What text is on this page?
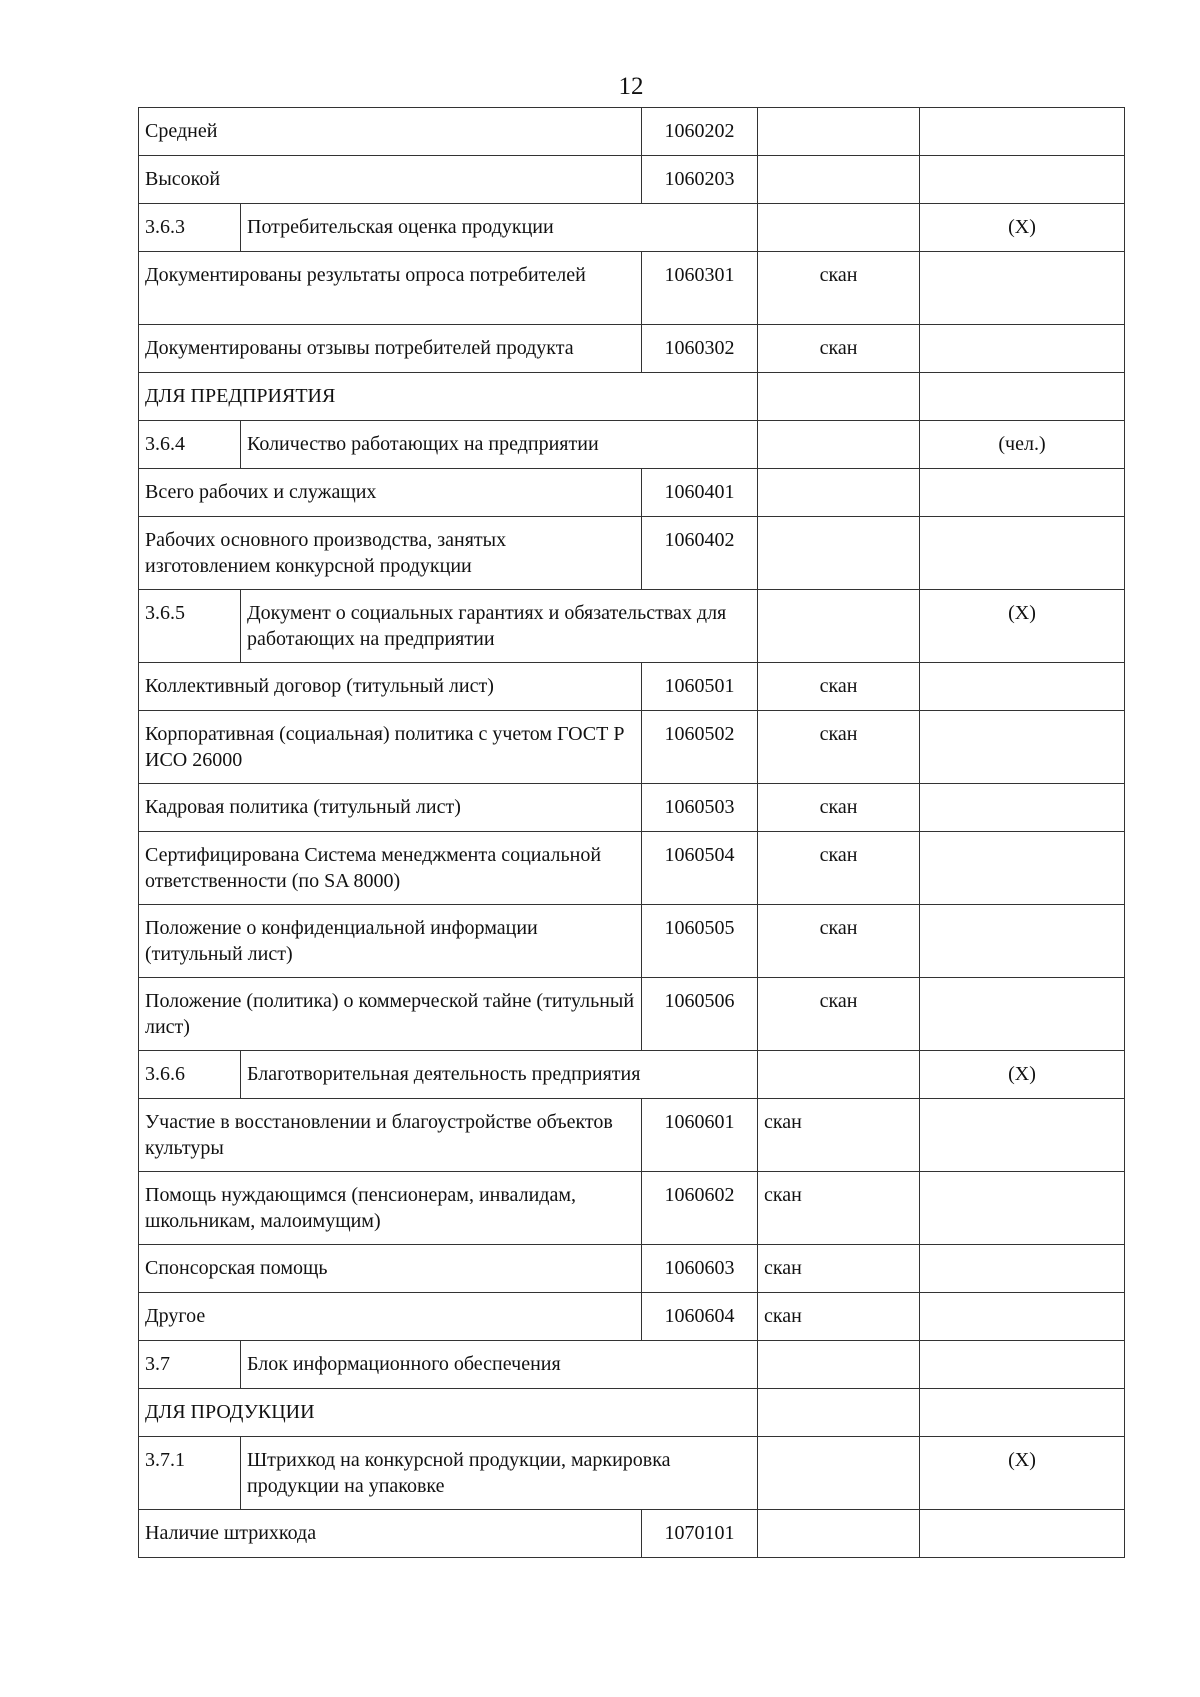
12
Средней		1060202		
Высокой		1060203		
3.6.3	Потребительская оценка продукции			(X)
Документированы результаты опроса потребителей		1060301	скан	
Документированы отзывы потребителей продукта		1060302	скан	
ДЛЯ ПРЕДПРИЯТИЯ				
3.6.4	Количество работающих на предприятии			(чел.)
Всего рабочих и служащих		1060401		
Рабочих основного производства, занятых изготовлением конкурсной продукции		1060402		
3.6.5	Документ о социальных гарантиях и обязательствах для работающих на предприятии			(X)
Коллективный договор (титульный лист)		1060501	скан	
Корпоративная (социальная) политика с учетом ГОСТ Р ИСО 26000		1060502	скан	
Кадровая политика (титульный лист)		1060503	скан	
Сертифицирована Система менеджмента социальной ответственности (по SA 8000)		1060504	скан	
Положение о конфиденциальной информации (титульный лист)		1060505	скан	
Положение (политика) о коммерческой тайне (титульный лист)		1060506	скан	
3.6.6	Благотворительная деятельность предприятия			(X)
Участие в восстановлении и благоустройстве объектов культуры		1060601	скан	
Помощь нуждающимся (пенсионерам, инвалидам, школьникам, малоимущим)		1060602	скан	
Спонсорская помощь		1060603	скан	
Другое		1060604	скан	
3.7	Блок информационного обеспечения			
ДЛЯ ПРОДУКЦИИ				
3.7.1	Штрихкод на конкурсной продукции, маркировка продукции на упаковке			(X)
Наличие штрихкода		1070101		
